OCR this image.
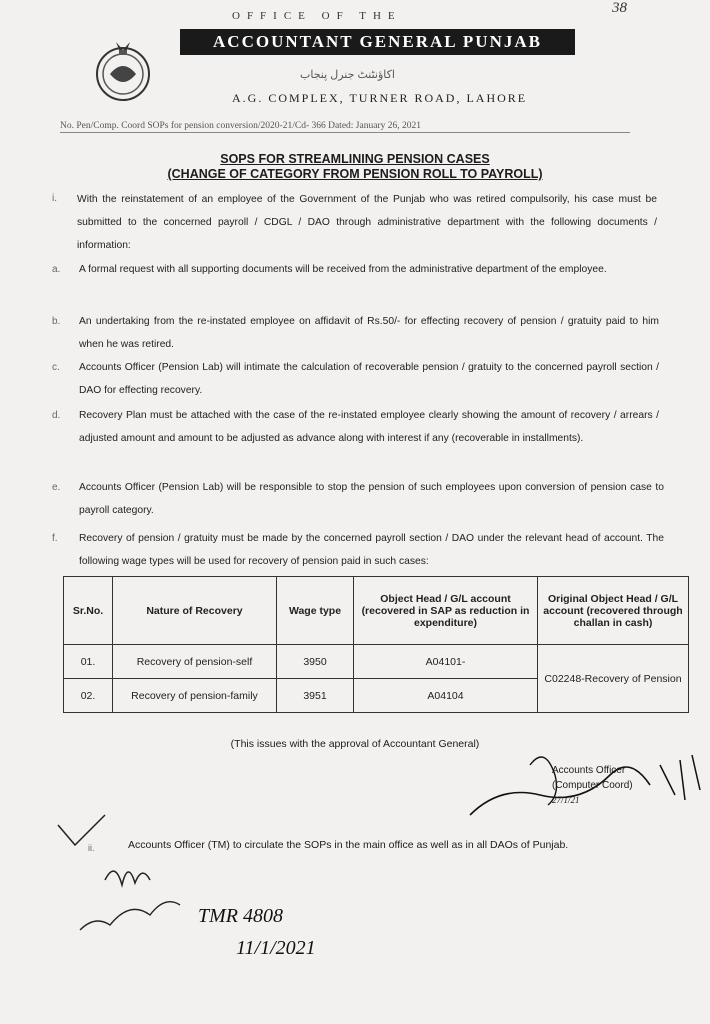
OFFICE OF THE	38
ACCOUNTANT GENERAL PUNJAB
اکاؤنٹنٹ جنرل پنجاب
A.G. COMPLEX, TURNER ROAD, LAHORE
No. Pen/Comp. Coord SOPs for pension conversion/2020-21/Cd- 366 Dated: January 26, 2021
SOPS FOR STREAMLINING PENSION CASES
(CHANGE OF CATEGORY FROM PENSION ROLL TO PAYROLL)
i.	With the reinstatement of an employee of the Government of the Punjab who was retired compulsorily, his case must be submitted to the concerned payroll / CDGL / DAO through administrative department with the following documents / information:
a.	A formal request with all supporting documents will be received from the administrative department of the employee.
b.	An undertaking from the re-instated employee on affidavit of Rs.50/- for effecting recovery of pension / gratuity paid to him when he was retired.
c.	Accounts Officer (Pension Lab) will intimate the calculation of recoverable pension / gratuity to the concerned payroll section / DAO for effecting recovery.
d.	Recovery Plan must be attached with the case of the re-instated employee clearly showing the amount of recovery / arrears / adjusted amount and amount to be adjusted as advance along with interest if any (recoverable in installments).
e.	Accounts Officer (Pension Lab) will be responsible to stop the pension of such employees upon conversion of pension case to payroll category.
f.	Recovery of pension / gratuity must be made by the concerned payroll section / DAO under the relevant head of account. The following wage types will be used for recovery of pension paid in such cases:
Sr.No.	Nature of Recovery	Wage type	Object Head / G/L account (recovered in SAP as reduction in expenditure)	Original Object Head / G/L account (recovered through challan in cash)
01.	Recovery of pension-self	3950	A04101-	C02248-Recovery of Pension
02.	Recovery of pension-family	3951	A04104	
(This issues with the approval of Accountant General)
Accounts Officer
(Computer Coord)
27/1/21
ii.	Accounts Officer (TM) to circulate the SOPs in the main office as well as in all DAOs of Punjab.
TMR 4808
11/1/2021
